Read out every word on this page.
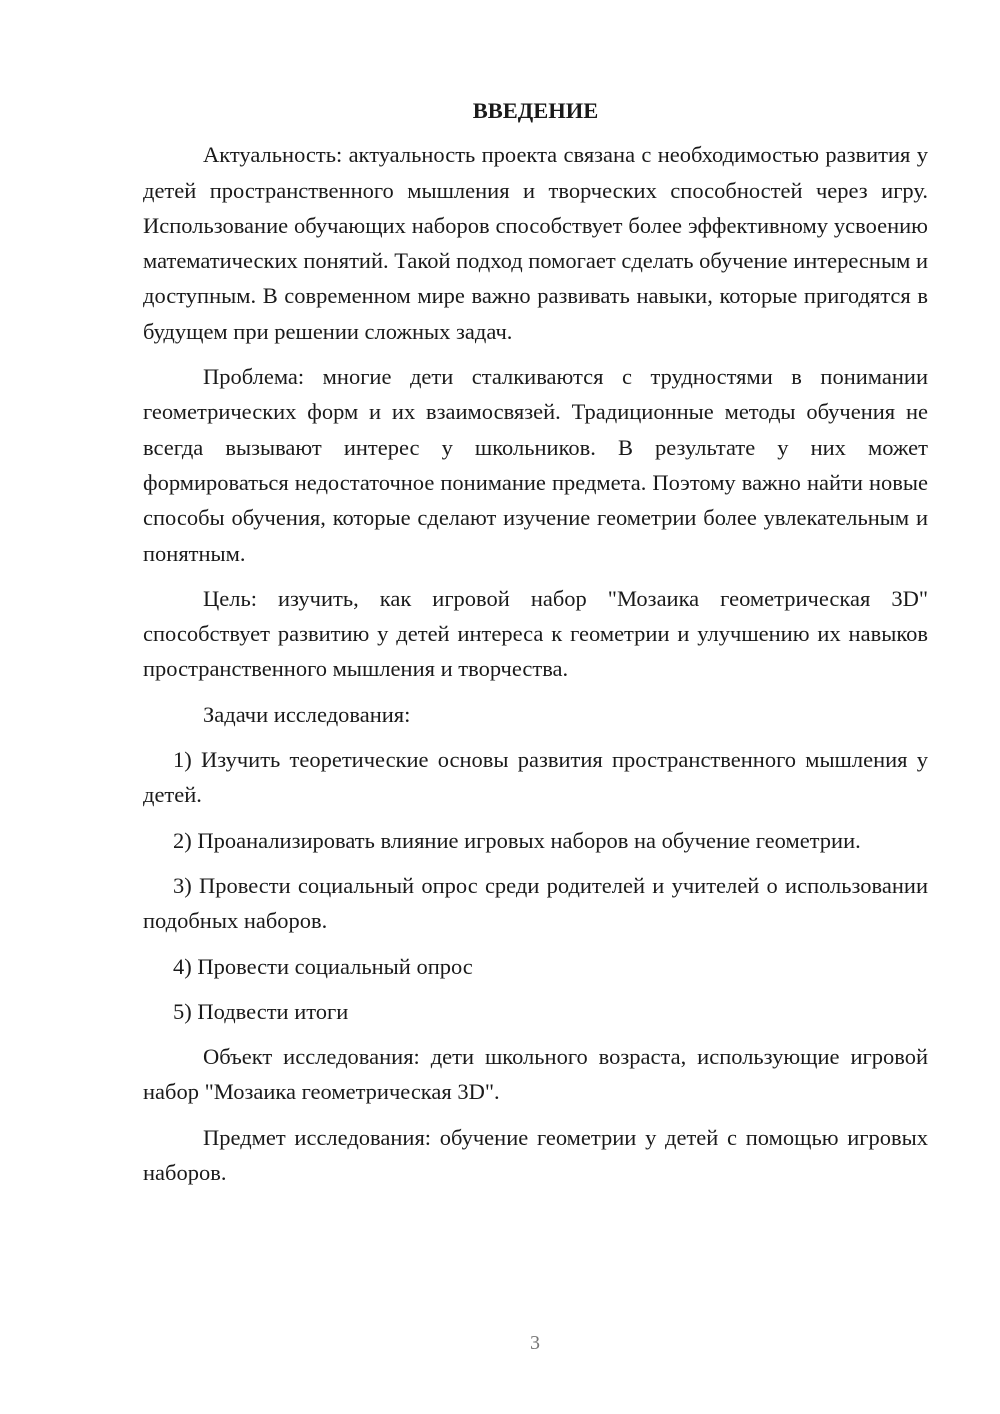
ВВЕДЕНИЕ

Актуальность: актуальность проекта связана с необходимостью развития у детей пространственного мышления и творческих способностей через игру. Использование обучающих наборов способствует более эффективному усвоению математических понятий. Такой подход помогает сделать обучение интересным и доступным. В современном мире важно развивать навыки, которые пригодятся в будущем при решении сложных задач.

Проблема: многие дети сталкиваются с трудностями в понимании геометрических форм и их взаимосвязей. Традиционные методы обучения не всегда вызывают интерес у школьников. В результате у них может формироваться недостаточное понимание предмета. Поэтому важно найти новые способы обучения, которые сделают изучение геометрии более увлекательным и понятным.

Цель: изучить, как игровой набор "Мозаика геометрическая 3D" способствует развитию у детей интереса к геометрии и улучшению их навыков пространственного мышления и творчества.

Задачи исследования:

1) Изучить теоретические основы развития пространственного мышления у детей.

2) Проанализировать влияние игровых наборов на обучение геометрии.

3) Провести социальный опрос среди родителей и учителей о использовании подобных наборов.

4) Провести социальный опрос

5) Подвести итоги

Объект исследования: дети школьного возраста, использующие игровой набор "Мозаика геометрическая 3D".

Предмет исследования: обучение геометрии у детей с помощью игровых наборов.

3
